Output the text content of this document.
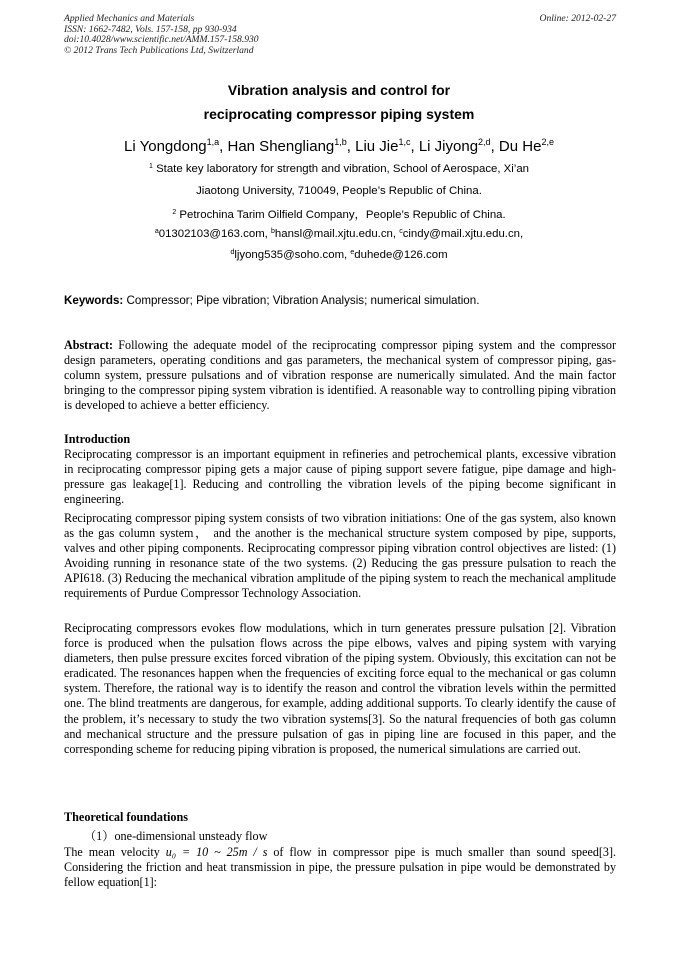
Applied Mechanics and Materials
ISSN: 1662-7482, Vols. 157-158, pp 930-934
doi:10.4028/www.scientific.net/AMM.157-158.930
© 2012 Trans Tech Publications Ltd, Switzerland
Online: 2012-02-27
Vibration analysis and control for
reciprocating compressor piping system
Li Yongdong$^{1,a}$, Han Shengliang$^{1,b}$, Liu Jie$^{1,c}$, Li Jiyong$^{2,d}$, Du He$^{2,e}$
$^1$ State key laboratory for strength and vibration, School of Aerospace, Xi’an
Jiaotong University, 710049, People’s Republic of China.
$^2$ Petrochina Tarim Oilfield Company，People’s Republic of China.
$^a$01302103@163.com, $^b$hansl@mail.xjtu.edu.cn, $^c$cindy@mail.xjtu.edu.cn,
$^d$ljyong535@soho.com, $^e$duhede@126.com
Keywords: Compressor; Pipe vibration; Vibration Analysis; numerical simulation.
Abstract: Following the adequate model of the reciprocating compressor piping system and the compressor design parameters, operating conditions and gas parameters, the mechanical system of compressor piping, gas-column system, pressure pulsations and of vibration response are numerically simulated. And the main factor bringing to the compressor piping system vibration is identified. A reasonable way to controlling piping vibration is developed to achieve a better efficiency.
Introduction
Reciprocating compressor is an important equipment in refineries and petrochemical plants, excessive vibration in reciprocating compressor piping gets a major cause of piping support severe fatigue, pipe damage and high-pressure gas leakage[1]. Reducing and controlling the vibration levels of the piping become significant in engineering.
Reciprocating compressor piping system consists of two vibration initiations: One of the gas system, also known as the gas column system， and the another is the mechanical structure system composed by pipe, supports, valves and other piping components. Reciprocating compressor piping vibration control objectives are listed: (1) Avoiding running in resonance state of the two systems. (2) Reducing the gas pressure pulsation to reach the API618. (3) Reducing the mechanical vibration amplitude of the piping system to reach the mechanical amplitude requirements of Purdue Compressor Technology Association.
Reciprocating compressors evokes flow modulations, which in turn generates pressure pulsation [2]. Vibration force is produced when the pulsation flows across the pipe elbows, valves and piping system with varying diameters, then pulse pressure excites forced vibration of the piping system. Obviously, this excitation can not be eradicated. The resonances happen when the frequencies of exciting force equal to the mechanical or gas column system. Therefore, the rational way is to identify the reason and control the vibration levels within the permitted one. The blind treatments are dangerous, for example, adding additional supports. To clearly identify the cause of the problem, it’s necessary to study the two vibration systems[3]. So the natural frequencies of both gas column and mechanical structure and the pressure pulsation of gas in piping line are focused in this paper, and the corresponding scheme for reducing piping vibration is proposed, the numerical simulations are carried out.
Theoretical foundations
（1）one-dimensional unsteady flow
The mean velocity u₀ = 10 ~ 25m / s of flow in compressor pipe is much smaller than sound speed[3]. Considering the friction and heat transmission in pipe, the pressure pulsation in pipe would be demonstrated by fellow equation[1]:
